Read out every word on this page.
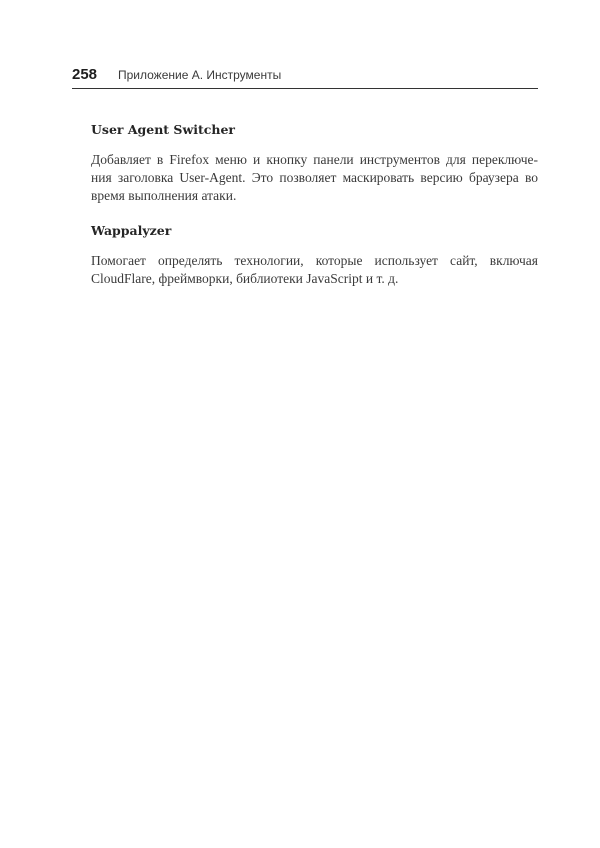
258 Приложение А. Инструменты
User Agent Switcher

Добавляет в Firefox меню и кнопку панели инструментов для переключе-
ния заголовка User-Agent. Это позволяет маскировать версию браузера во
время выполнения атаки.

Wappalyzer

Помогает определять технологии, которые использует сайт, включая
CloudFlare, фреймворки, библиотеки JavaScript и т. д.
